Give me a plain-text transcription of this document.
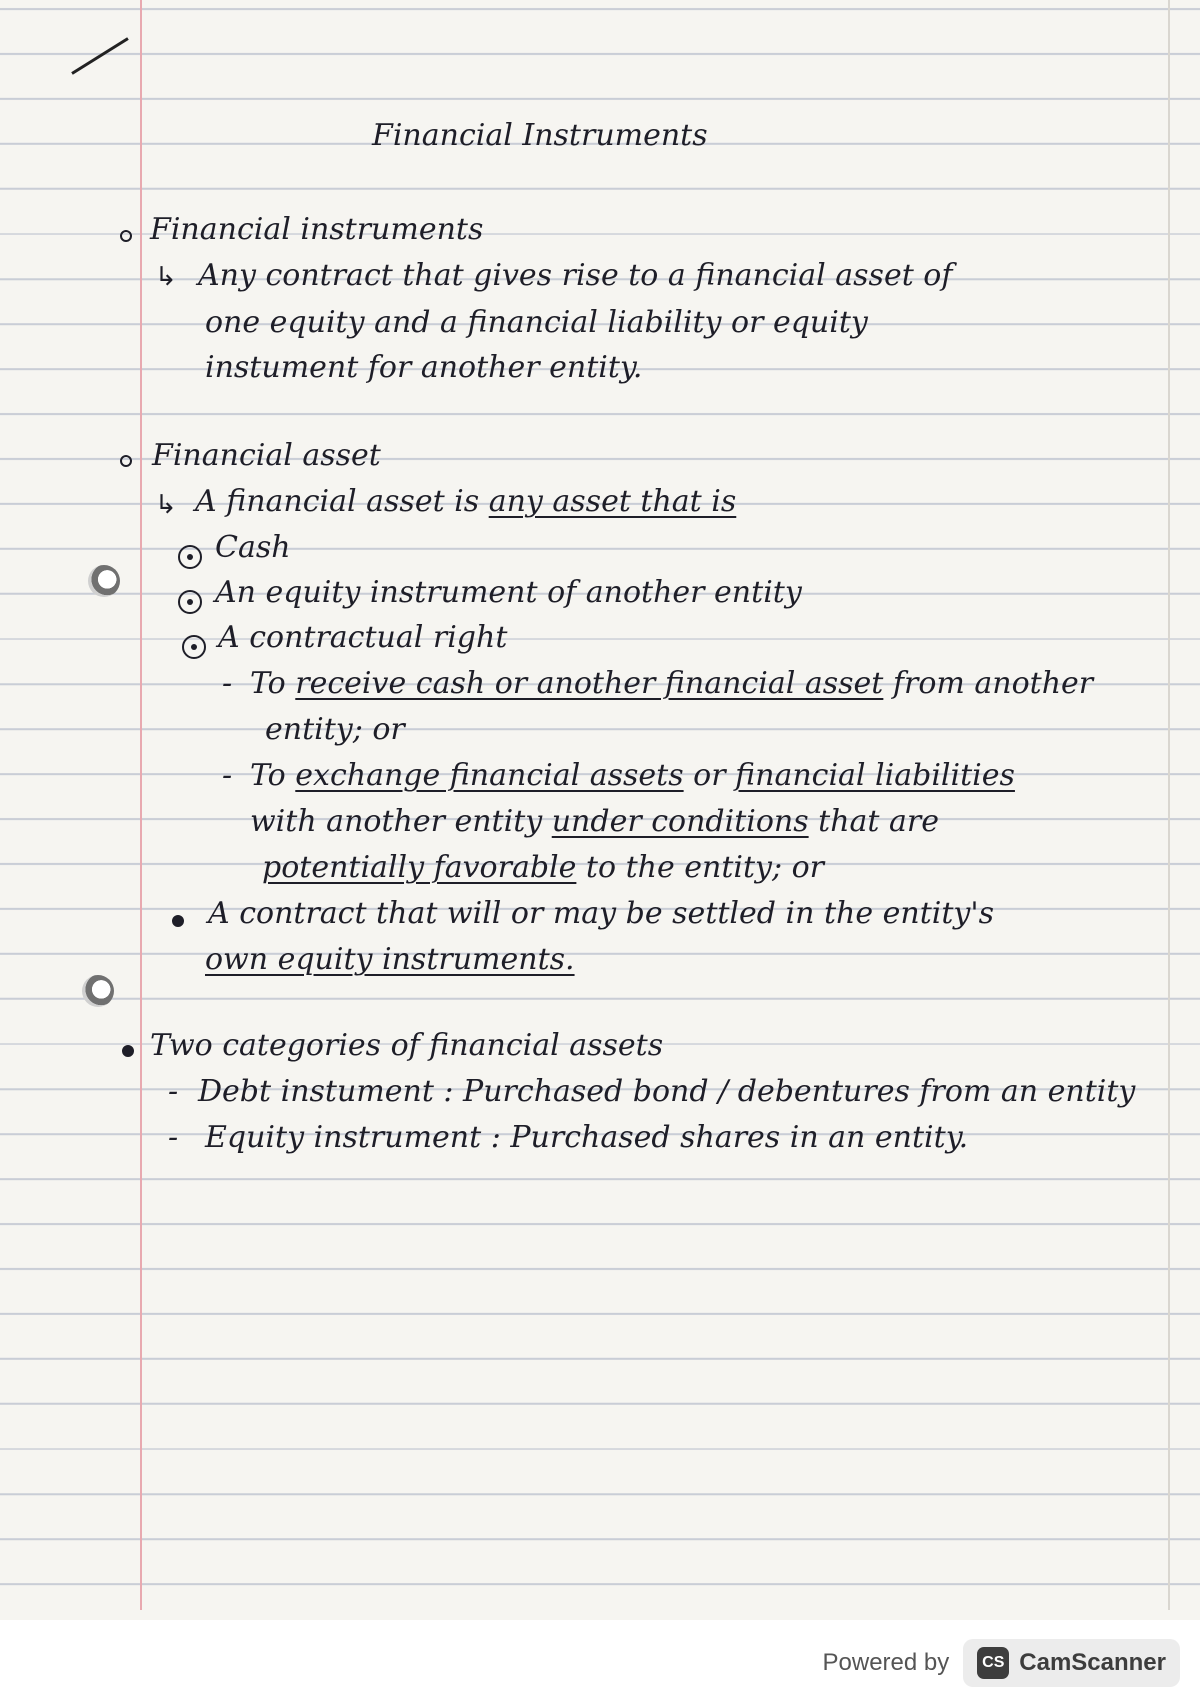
Financial Instruments
Financial instruments
↳ Any contract that gives rise to a financial asset of
one equity and a financial liability or equity
instument for another entity.
Financial asset
↳ A financial asset is any asset that is
Cash
An equity instrument of another entity
A contractual right
- To receive cash or another financial asset from another
entity; or
- To exchange financial assets or financial liabilities
with another entity under conditions that are
potentially favorable to the entity; or
A contract that will or may be settled in the entity's
own equity instruments.
Two categories of financial assets
- Debt instument : Purchased bond / debentures from an entity
- Equity instrument : Purchased shares in an entity.
Powered by	CS CamScanner
